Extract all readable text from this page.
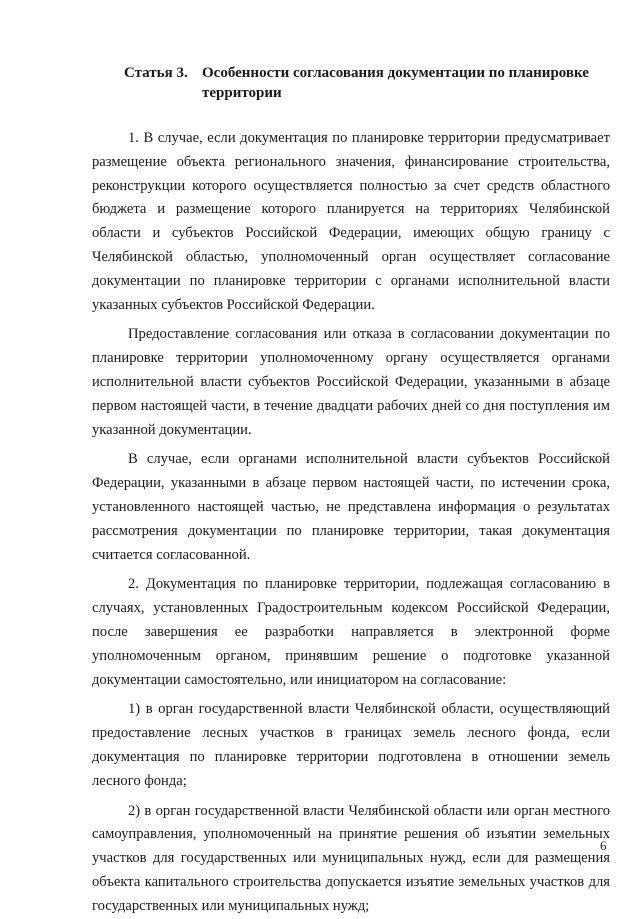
Статья 3. Особенности согласования документации по планировке территории

1. В случае, если документация по планировке территории предусматривает размещение объекта регионального значения, финансирование строительства, реконструкции которого осуществляется полностью за счет средств областного бюджета и размещение которого планируется на территориях Челябинской области и субъектов Российской Федерации, имеющих общую границу с Челябинской областью, уполномоченный орган осуществляет согласование документации по планировке территории с органами исполнительной власти указанных субъектов Российской Федерации.

Предоставление согласования или отказа в согласовании документации по планировке территории уполномоченному органу осуществляется органами исполнительной власти субъектов Российской Федерации, указанными в абзаце первом настоящей части, в течение двадцати рабочих дней со дня поступления им указанной документации.

В случае, если органами исполнительной власти субъектов Российской Федерации, указанными в абзаце первом настоящей части, по истечении срока, установленного настоящей частью, не представлена информация о результатах рассмотрения документации по планировке территории, такая документация считается согласованной.

2. Документация по планировке территории, подлежащая согласованию в случаях, установленных Градостроительным кодексом Российской Федерации, после завершения ее разработки направляется в электронной форме уполномоченным органом, принявшим решение о подготовке указанной документации самостоятельно, или инициатором на согласование:

1) в орган государственной власти Челябинской области, осуществляющий предоставление лесных участков в границах земель лесного фонда, если документация по планировке территории подготовлена в отношении земель лесного фонда;

2) в орган государственной власти Челябинской области или орган местного самоуправления, уполномоченный на принятие решения об изъятии земельных участков для государственных или муниципальных нужд, если для размещения объекта капитального строительства допускается изъятие земельных участков для государственных или муниципальных нужд;

6
